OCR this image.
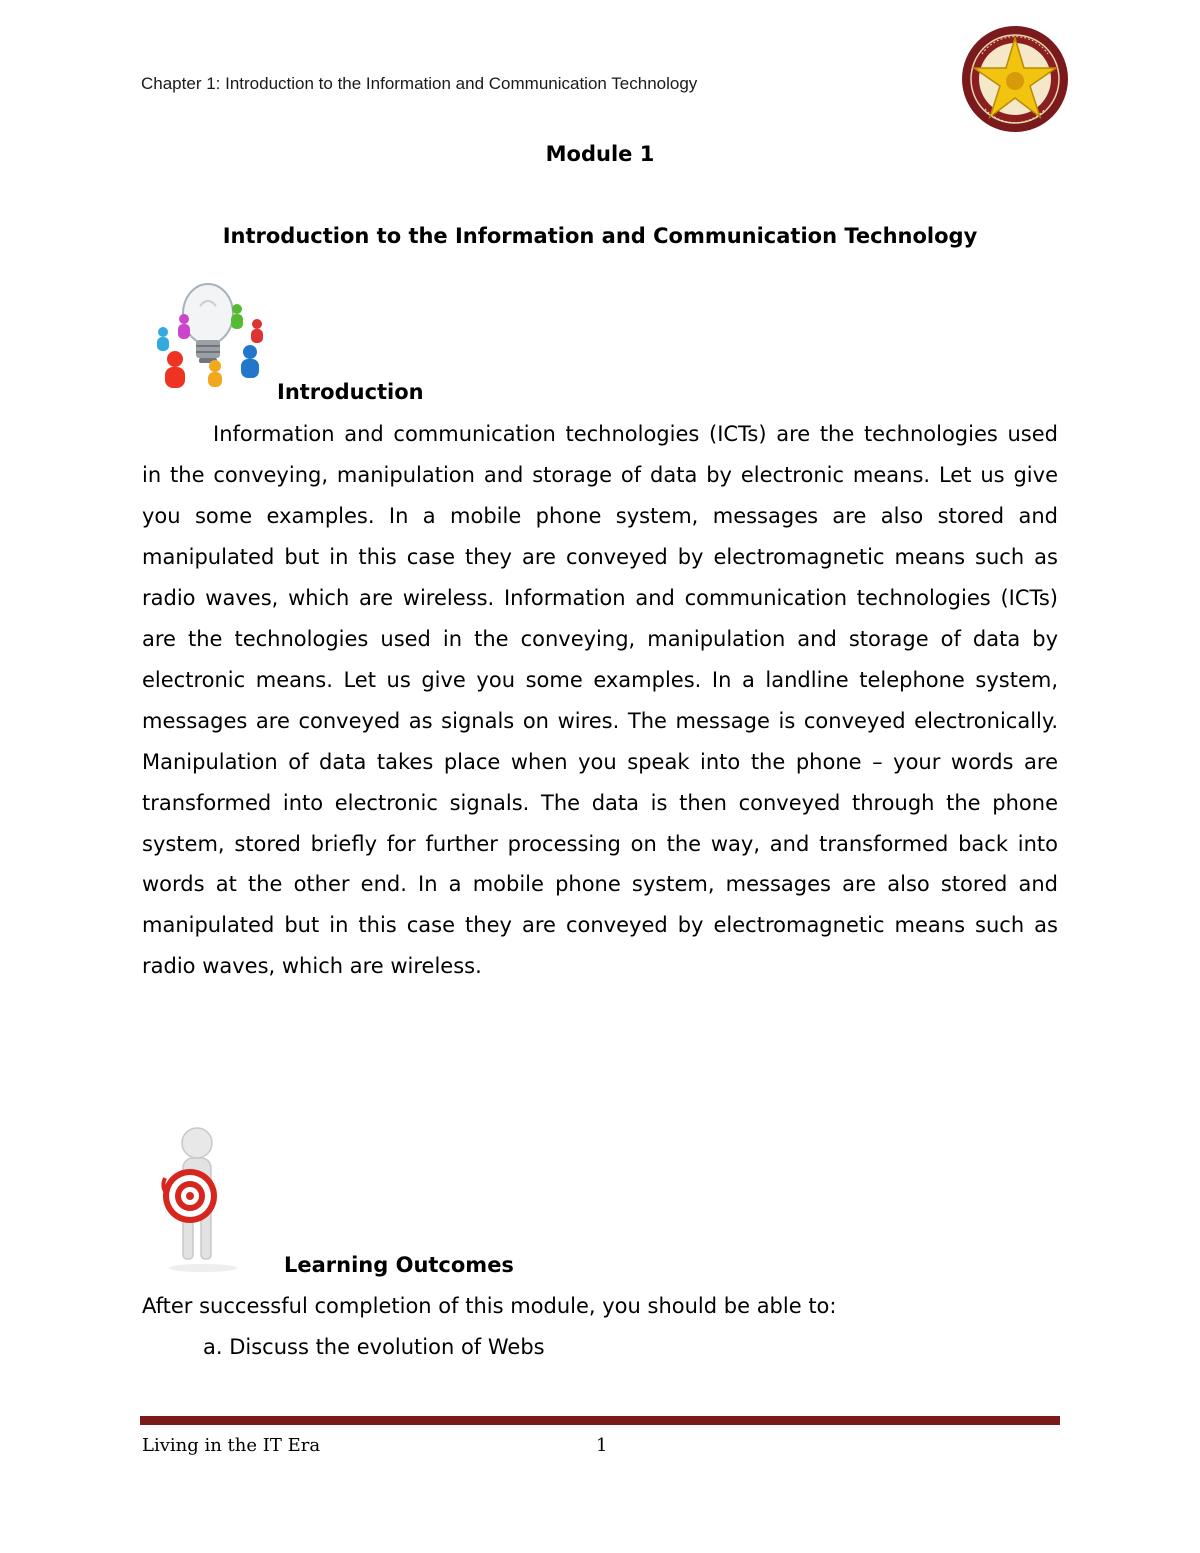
Chapter 1: Introduction to the Information and Communication Technology
Module 1
Introduction to the Information and Communication Technology
Introduction

Information and communication technologies (ICTs) are the technologies used in the conveying, manipulation and storage of data by electronic means. Let us give you some examples. In a mobile phone system, messages are also stored and manipulated but in this case they are conveyed by electromagnetic means such as radio waves, which are wireless. Information and communication technologies (ICTs) are the technologies used in the conveying, manipulation and storage of data by electronic means. Let us give you some examples. In a landline telephone system, messages are conveyed as signals on wires. The message is conveyed electronically. Manipulation of data takes place when you speak into the phone – your words are transformed into electronic signals. The data is then conveyed through the phone system, stored briefly for further processing on the way, and transformed back into words at the other end. In a mobile phone system, messages are also stored and manipulated but in this case they are conveyed by electromagnetic means such as radio waves, which are wireless.

Learning Outcomes
After successful completion of this module, you should be able to:
a. Discuss the evolution of Webs
Living in the IT Era	1
